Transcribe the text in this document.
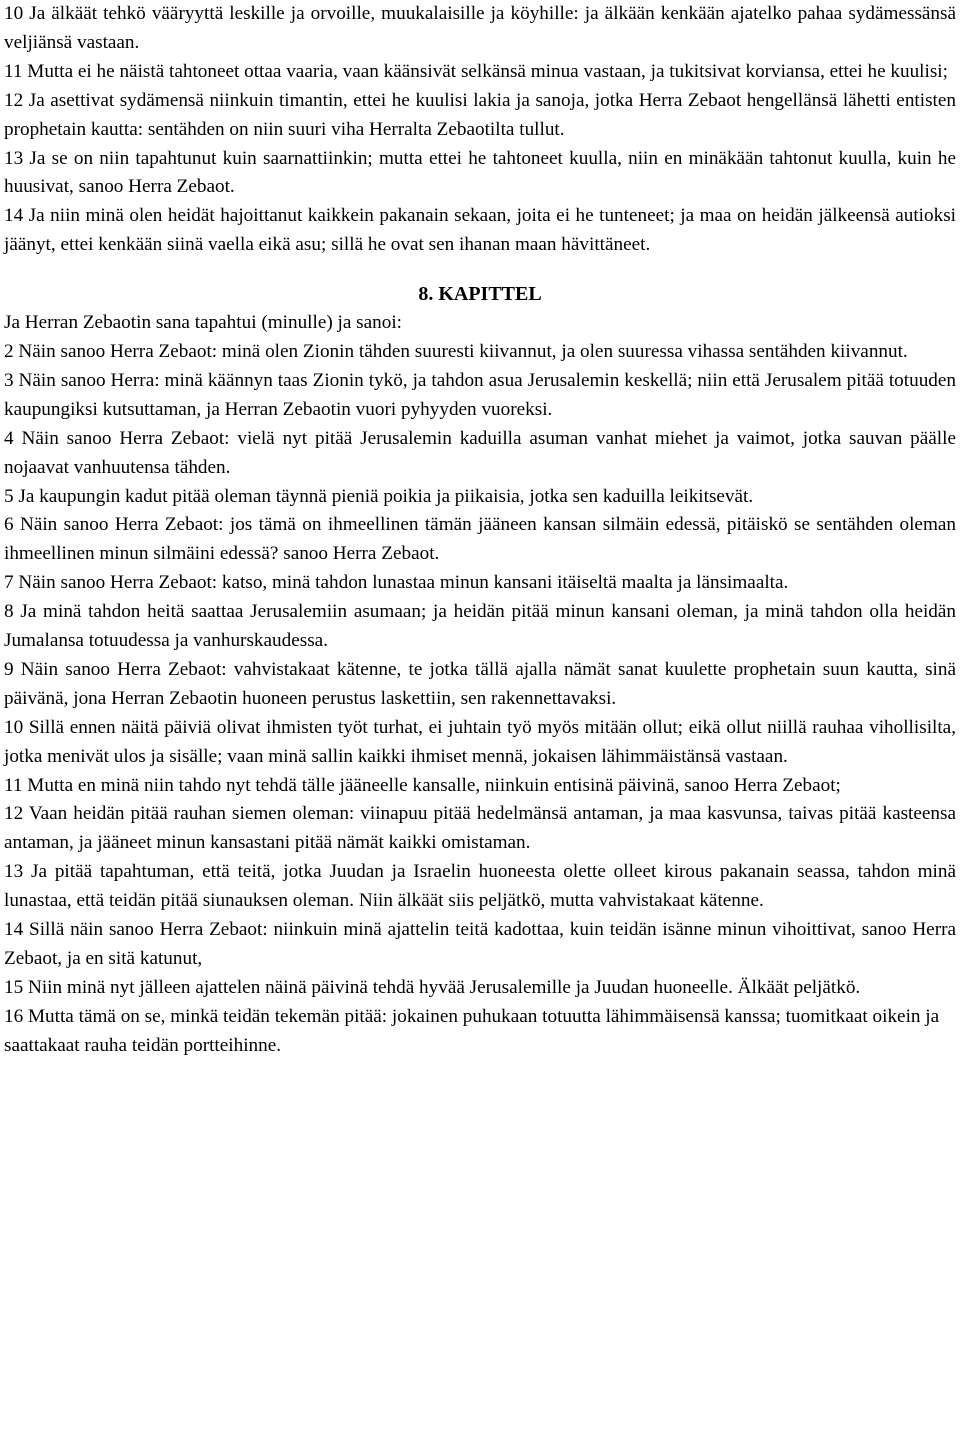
10 Ja älkäät tehkö vääryyttä leskille ja orvoille, muukalaisille ja köyhille: ja älkään kenkään ajatelko pahaa sydämessänsä veljiänsä vastaan.

11 Mutta ei he näistä tahtoneet ottaa vaaria, vaan käänsivät selkänsä minua vastaan, ja tukitsivat korviansa, ettei he kuulisi;

12 Ja asettivat sydämensä niinkuin timantin, ettei he kuulisi lakia ja sanoja, jotka Herra Zebaot hengellänsä lähetti entisten prophetain kautta: sentähden on niin suuri viha Herralta Zebaotilta tullut.

13 Ja se on niin tapahtunut kuin saarnattiinkin; mutta ettei he tahtoneet kuulla, niin en minäkään tahtonut kuulla, kuin he huusivat, sanoo Herra Zebaot.

14 Ja niin minä olen heidät hajoittanut kaikkein pakanain sekaan, joita ei he tunteneet; ja maa on heidän jälkeensä autioksi jäänyt, ettei kenkään siinä vaella eikä asu; sillä he ovat sen ihanan maan hävittäneet.

8. KAPITTEL

Ja Herran Zebaotin sana tapahtui (minulle) ja sanoi:

2 Näin sanoo Herra Zebaot: minä olen Zionin tähden suuresti kiivannut, ja olen suuressa vihassa sentähden kiivannut.

3 Näin sanoo Herra: minä käännyn taas Zionin tykö, ja tahdon asua Jerusalemin keskellä; niin että Jerusalem pitää totuuden kaupungiksi kutsuttaman, ja Herran Zebaotin vuori pyhyyden vuoreksi.

4 Näin sanoo Herra Zebaot: vielä nyt pitää Jerusalemin kaduilla asuman vanhat miehet ja vaimot, jotka sauvan päälle nojaavat vanhuutensa tähden.

5 Ja kaupungin kadut pitää oleman täynnä pieniä poikia ja piikaisia, jotka sen kaduilla leikitsevät.

6 Näin sanoo Herra Zebaot: jos tämä on ihmeellinen tämän jääneen kansan silmäin edessä, pitäiskö se sentähden oleman ihmeellinen minun silmäini edessä? sanoo Herra Zebaot.

7 Näin sanoo Herra Zebaot: katso, minä tahdon lunastaa minun kansani itäiseltä maalta ja länsimaalta.

8 Ja minä tahdon heitä saattaa Jerusalemiin asumaan; ja heidän pitää minun kansani oleman, ja minä tahdon olla heidän Jumalansa totuudessa ja vanhurskaudessa.

9 Näin sanoo Herra Zebaot: vahvistakaat kätenne, te jotka tällä ajalla nämät sanat kuulette prophetain suun kautta, sinä päivänä, jona Herran Zebaotin huoneen perustus laskettiin, sen rakennettavaksi.

10 Sillä ennen näitä päiviä olivat ihmisten työt turhat, ei juhtain työ myös mitään ollut; eikä ollut niillä rauhaa vihollisilta, jotka menivät ulos ja sisälle; vaan minä sallin kaikki ihmiset mennä, jokaisen lähimmäistänsä vastaan.

11 Mutta en minä niin tahdo nyt tehdä tälle jääneelle kansalle, niinkuin entisinä päivinä, sanoo Herra Zebaot;

12 Vaan heidän pitää rauhan siemen oleman: viinapuu pitää hedelmänsä antaman, ja maa kasvunsa, taivas pitää kasteensa antaman, ja jääneet minun kansastani pitää nämät kaikki omistaman.

13 Ja pitää tapahtuman, että teitä, jotka Juudan ja Israelin huoneesta olette olleet kirous pakanain seassa, tahdon minä lunastaa, että teidän pitää siunauksen oleman. Niin älkäät siis peljätkö, mutta vahvistakaat kätenne.

14 Sillä näin sanoo Herra Zebaot: niinkuin minä ajattelin teitä kadottaa, kuin teidän isänne minun vihoittivat, sanoo Herra Zebaot, ja en sitä katunut,

15 Niin minä nyt jälleen ajattelen näinä päivinä tehdä hyvää Jerusalemille ja Juudan huoneelle. Älkäät peljätkö.

16 Mutta tämä on se, minkä teidän tekemän pitää: jokainen puhukaan totuutta lähimmäisensä kanssa; tuomitkaat oikein ja saattakaat rauha teidän portteihinne.
